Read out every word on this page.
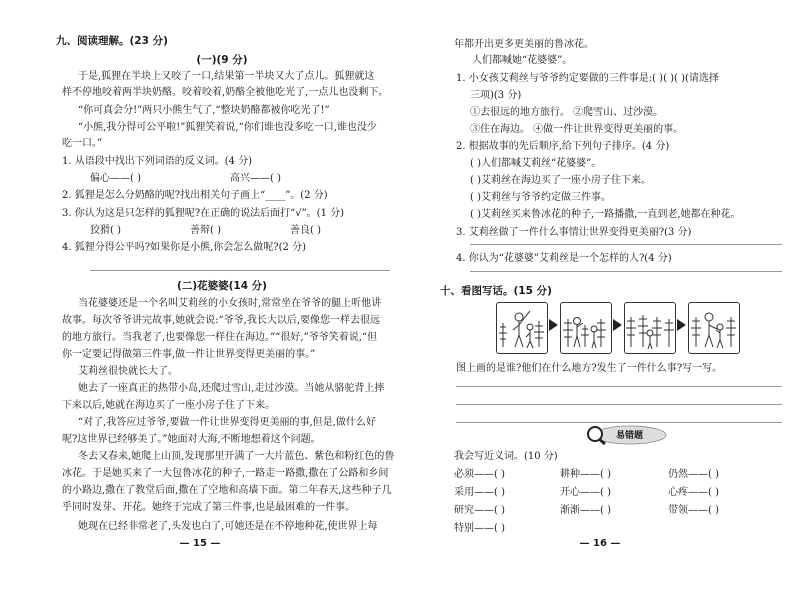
九、阅读理解。(23 分)
(一)(9 分)
于是,狐狸在半块上又咬了一口,结果第一半块又大了点儿。狐狸就这
样不停地咬着两半块奶酪。咬着咬着,奶酪全被他吃光了,一点儿也没剩下。
“你可真会分!”两只小熊生气了,“整块奶酪都被你吃光了!”
“小熊,我分得可公平啦!”狐狸笑着说,“你们谁也没多吃一口,谁也没少
吃一口。”
1. 从语段中找出下列词语的反义词。(4 分)
偏心——( )	高兴——( )
2. 狐狸是怎么分奶酪的呢?找出相关句子画上“____”。(2 分)
3. 你认为这是只怎样的狐狸呢?在正确的说法后面打“√”。(1 分)
狡猾( )	善辩( )	善良( )
4. 狐狸分得公平吗?如果你是小熊,你会怎么做呢?(2 分)
(二)花婆婆(14 分)
当花婆婆还是一个名叫艾莉丝的小女孩时,常常坐在爷爷的腿上听他讲
故事。每次爷爷讲完故事,她就会说:“爷爷,我长大以后,要像您一样去很远
的地方旅行。当我老了,也要像您一样住在海边。”“很好,”爷爷笑着说,“但
你一定要记得做第三件事,做一件让世界变得更美丽的事。”
艾莉丝很快就长大了。
她去了一座真正的热带小岛,还爬过雪山,走过沙漠。当她从骆驼背上摔
下来以后,她就在海边买了一座小房子住了下来。
“对了,我答应过爷爷,要做一件让世界变得更美丽的事,但是,做什么好
呢?这世界已经够美了。”她面对大海,不断地想着这个问题。
冬去又春来,她爬上山顶,发现那里开满了一大片蓝色、紫色和粉红色的鲁
冰花。于是她买来了一大包鲁冰花的种子,一路走一路撒,撒在了公路和乡间
的小路边,撒在了教堂后面,撒在了空地和高墙下面。第二年春天,这些种子几
乎同时发芽、开花。她终于完成了第三件事,也是最困难的一件事。
她现在已经非常老了,头发也白了,可她还是在不停地种花,使世界上每
— 15 —
年都开出更多更美丽的鲁冰花。
人们都喊她“花婆婆”。
1. 小女孩艾莉丝与爷爷约定要做的三件事是:( )( )( )(请选择
三项)(3 分)
①去很远的地方旅行。 ②爬雪山、过沙漠。
③住在海边。 ④做一件让世界变得更美丽的事。
2. 根据故事的先后顺序,给下列句子排序。(4 分)
( )人们都喊艾莉丝“花婆婆”。
( )艾莉丝在海边买了一座小房子住下来。
( )艾莉丝与爷爷约定做三件事。
( )艾莉丝买来鲁冰花的种子,一路播撒,一直到老,她都在种花。
3. 艾莉丝做了一件什么事情让世界变得更美丽?(3 分)
4. 你认为“花婆婆”艾莉丝是一个怎样的人?(4 分)
十、看图写话。(15 分)
图上画的是谁?他们在什么地方?发生了一件什么事?写一写。
易错题
我会写近义词。(10 分)
必须——( )	耕种——( )	仍然——( )
采用——( )	开心——( )	心疼——( )
研究——( )	渐渐——( )	带领——( )
特别——( )
— 16 —
